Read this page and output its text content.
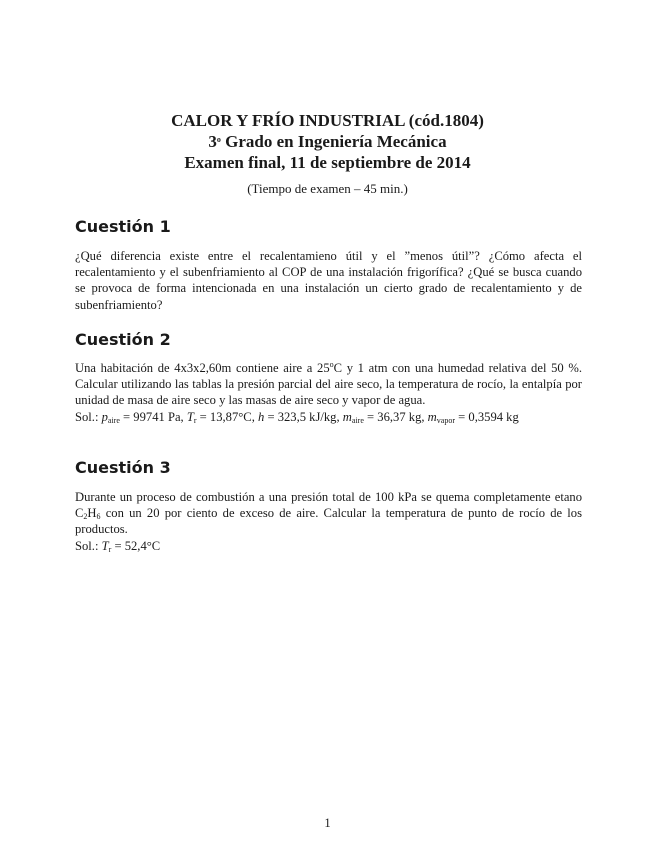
CALOR Y FRÍO INDUSTRIAL (cód.1804)
3$^o$ Grado en Ingeniería Mecánica
Examen final, 11 de septiembre de 2014
(Tiempo de examen – 45 min.)
Cuestión 1

¿Qué diferencia existe entre el recalentamieno útil y el ”menos útil”? ¿Cómo afecta el recalentamiento y el subenfriamiento al COP de una instalación frigorífica? ¿Qué se busca cuando se provoca de forma intencionada en una instalación un cierto grado de recalentamiento y de subenfriamiento?

Cuestión 2

Una habitación de 4x3x2,60m contiene aire a 25$^o$C y 1 atm con una humedad relativa del 50 %. Calcular utilizando las tablas la presión parcial del aire seco, la temperatura de rocío, la entalpía por unidad de masa de aire seco y las masas de aire seco y vapor de agua.

Sol.: $p_{aire} = 99741$ Pa, $T_r = 13,87^\circ C$, h = 323,5 kJ/kg, $m_{aire} = 36,37$ kg, $m_{vapor} = 0,3594$ kg

Cuestión 3

Durante un proceso de combustión a una presión total de 100 kPa se quema completamente etano $C_2H_6$ con un 20 por ciento de exceso de aire. Calcular la temperatura de punto de rocío de los productos.

Sol.: $T_r = 52,4^\circ C$

1
